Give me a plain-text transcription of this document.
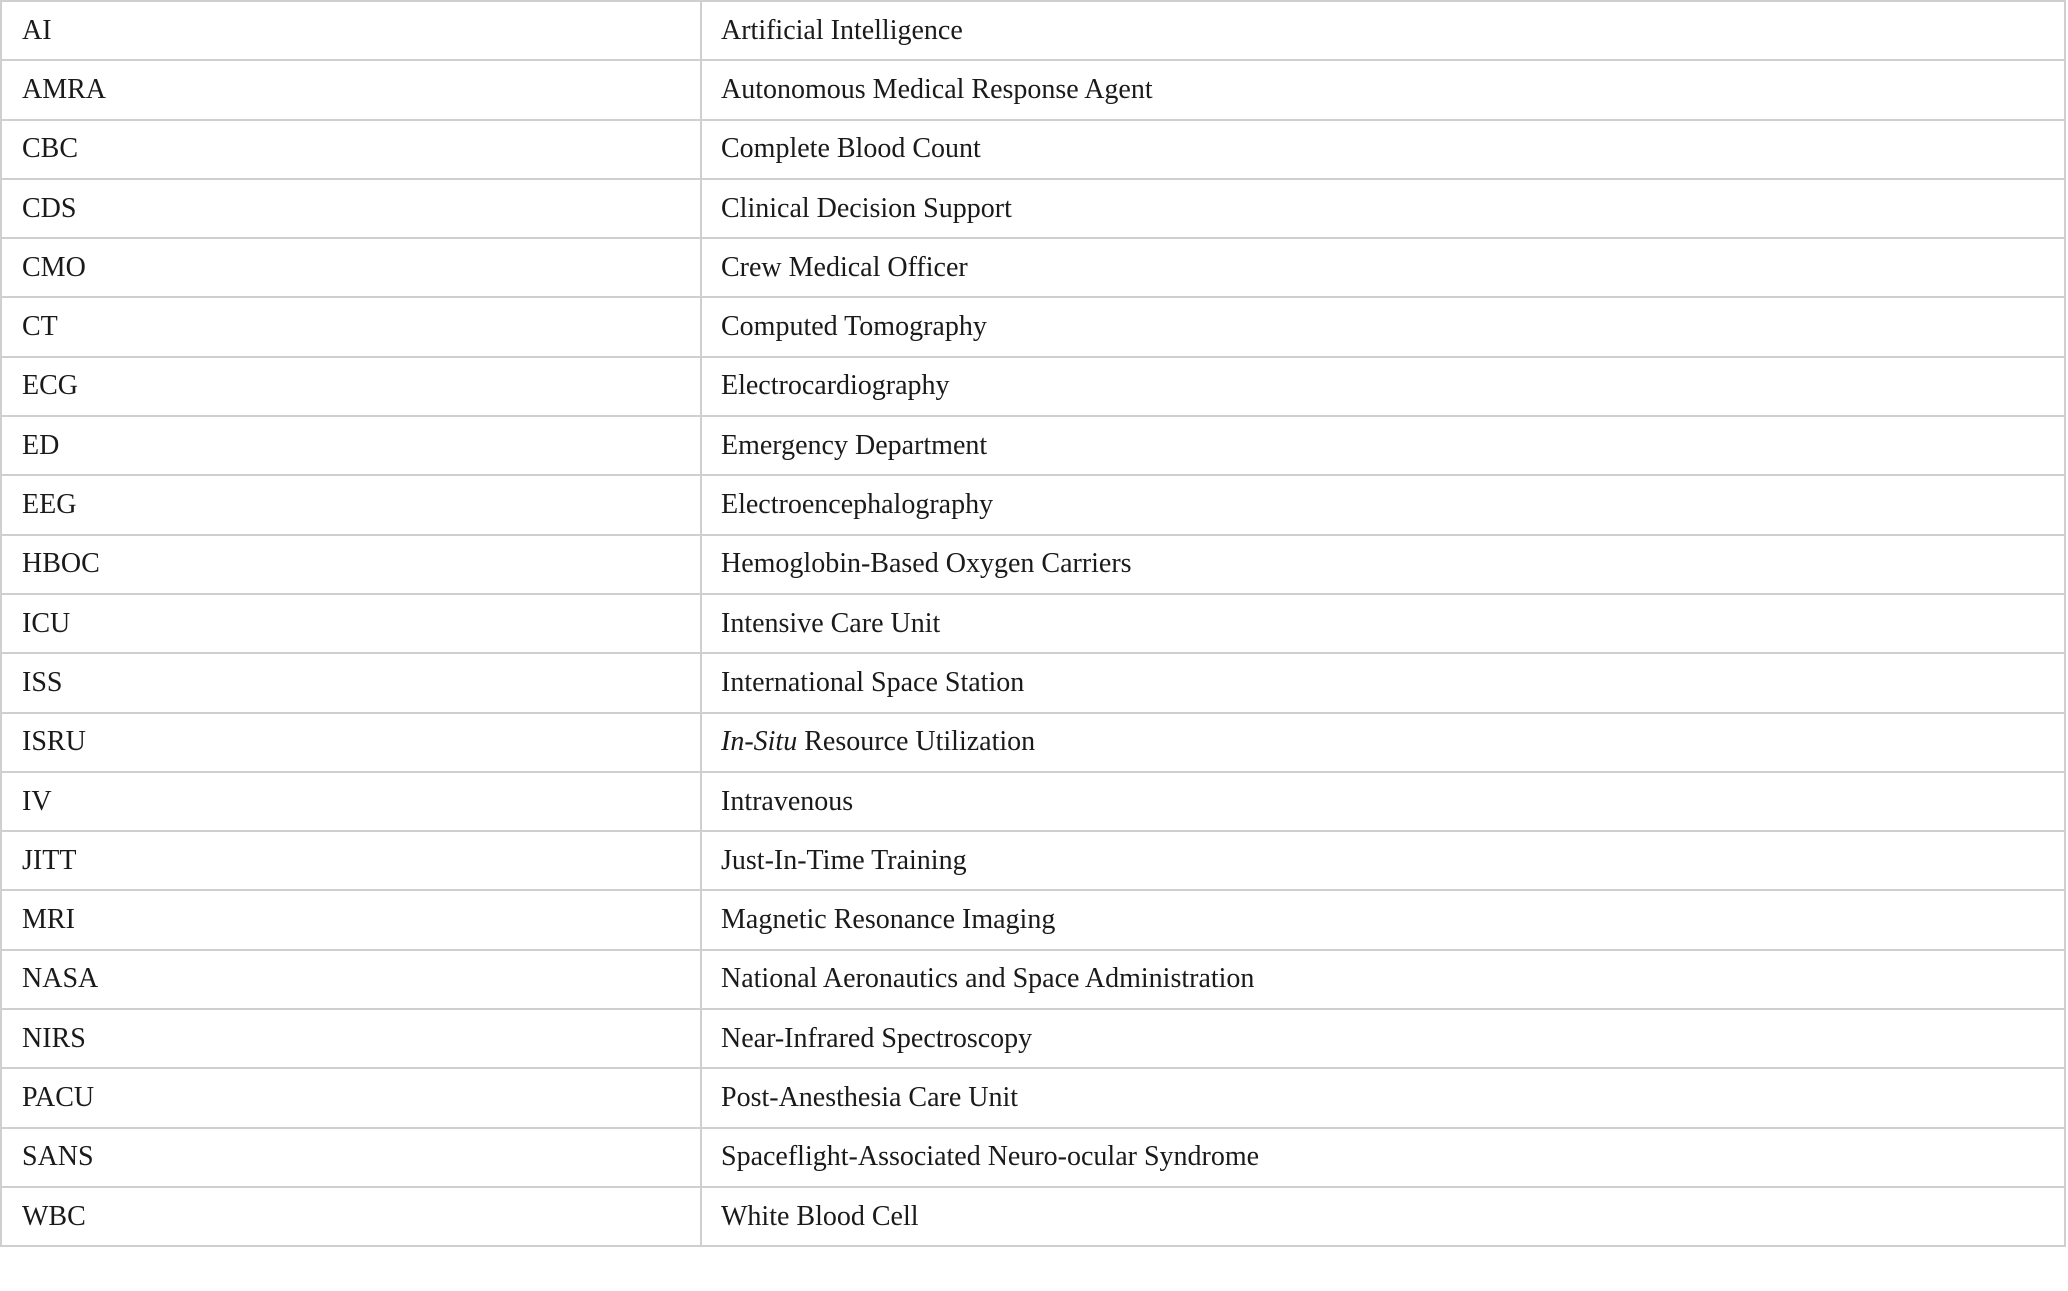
AI	Artificial Intelligence
AMRA	Autonomous Medical Response Agent
CBC	Complete Blood Count
CDS	Clinical Decision Support
CMO	Crew Medical Officer
CT	Computed Tomography
ECG	Electrocardiography
ED	Emergency Department
EEG	Electroencephalography
HBOC	Hemoglobin-Based Oxygen Carriers
ICU	Intensive Care Unit
ISS	International Space Station
ISRU	In-Situ Resource Utilization
IV	Intravenous
JITT	Just-In-Time Training
MRI	Magnetic Resonance Imaging
NASA	National Aeronautics and Space Administration
NIRS	Near-Infrared Spectroscopy
PACU	Post-Anesthesia Care Unit
SANS	Spaceflight-Associated Neuro-ocular Syndrome
WBC	White Blood Cell
